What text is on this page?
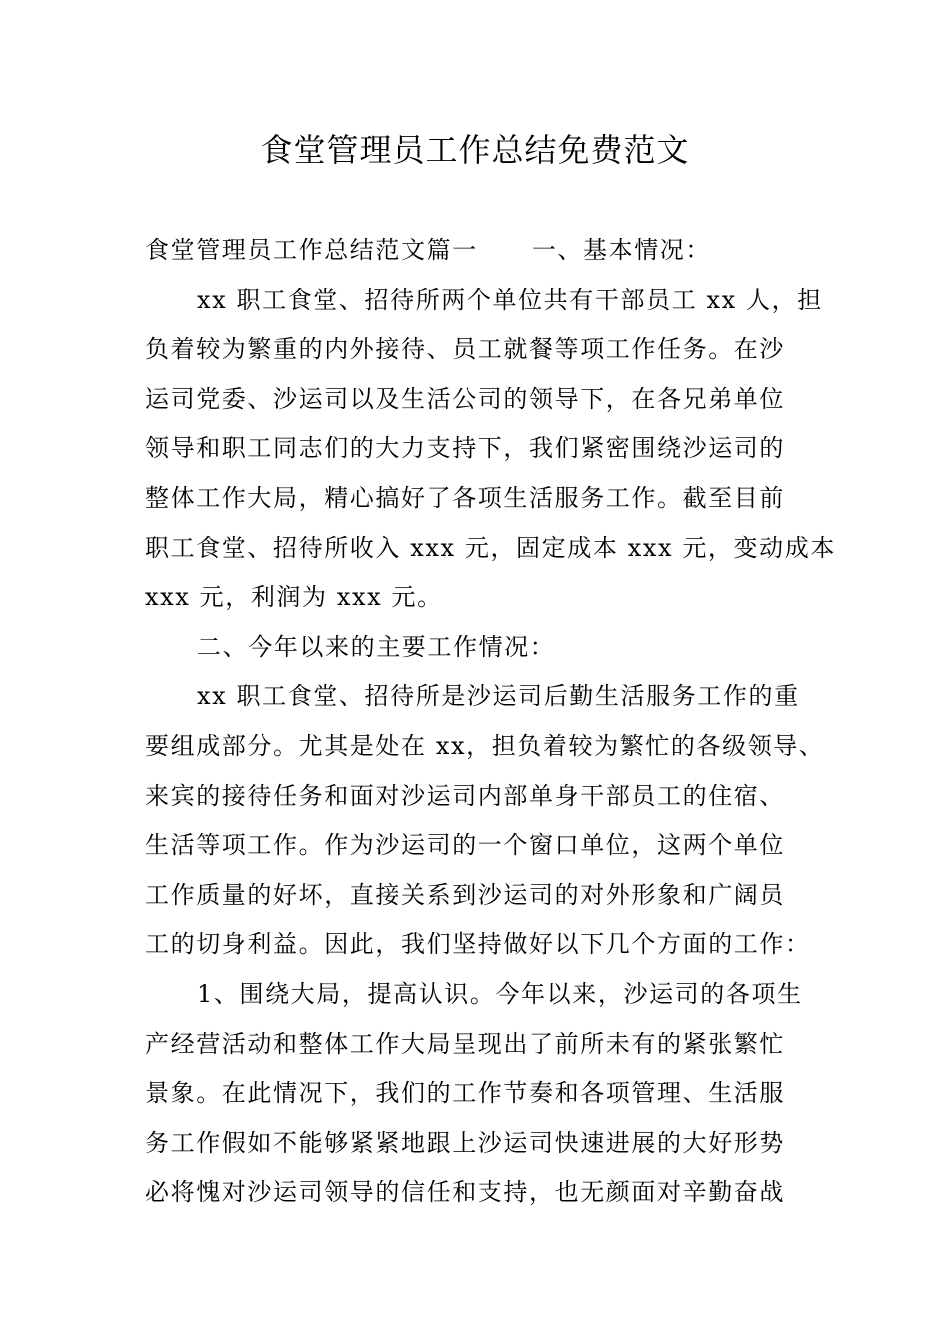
食堂管理员工作总结免费范文
食堂管理员工作总结范文篇一 一、基本情况：
xx 职工食堂、招待所两个单位共有干部员工 xx 人，担
负着较为繁重的内外接待、员工就餐等项工作任务。在沙
运司党委、沙运司以及生活公司的领导下，在各兄弟单位
领导和职工同志们的大力支持下，我们紧密围绕沙运司的
整体工作大局，精心搞好了各项生活服务工作。截至目前
职工食堂、招待所收入 xxx 元，固定成本 xxx 元，变动成本
xxx 元，利润为 xxx 元。
二、今年以来的主要工作情况：
xx 职工食堂、招待所是沙运司后勤生活服务工作的重
要组成部分。尤其是处在 xx，担负着较为繁忙的各级领导、
来宾的接待任务和面对沙运司内部单身干部员工的住宿、
生活等项工作。作为沙运司的一个窗口单位，这两个单位
工作质量的好坏，直接关系到沙运司的对外形象和广阔员
工的切身利益。因此，我们坚持做好以下几个方面的工作：
1、围绕大局，提高认识。今年以来，沙运司的各项生
产经营活动和整体工作大局呈现出了前所未有的紧张繁忙
景象。在此情况下，我们的工作节奏和各项管理、生活服
务工作假如不能够紧紧地跟上沙运司快速进展的大好形势
必将愧对沙运司领导的信任和支持，也无颜面对辛勤奋战
